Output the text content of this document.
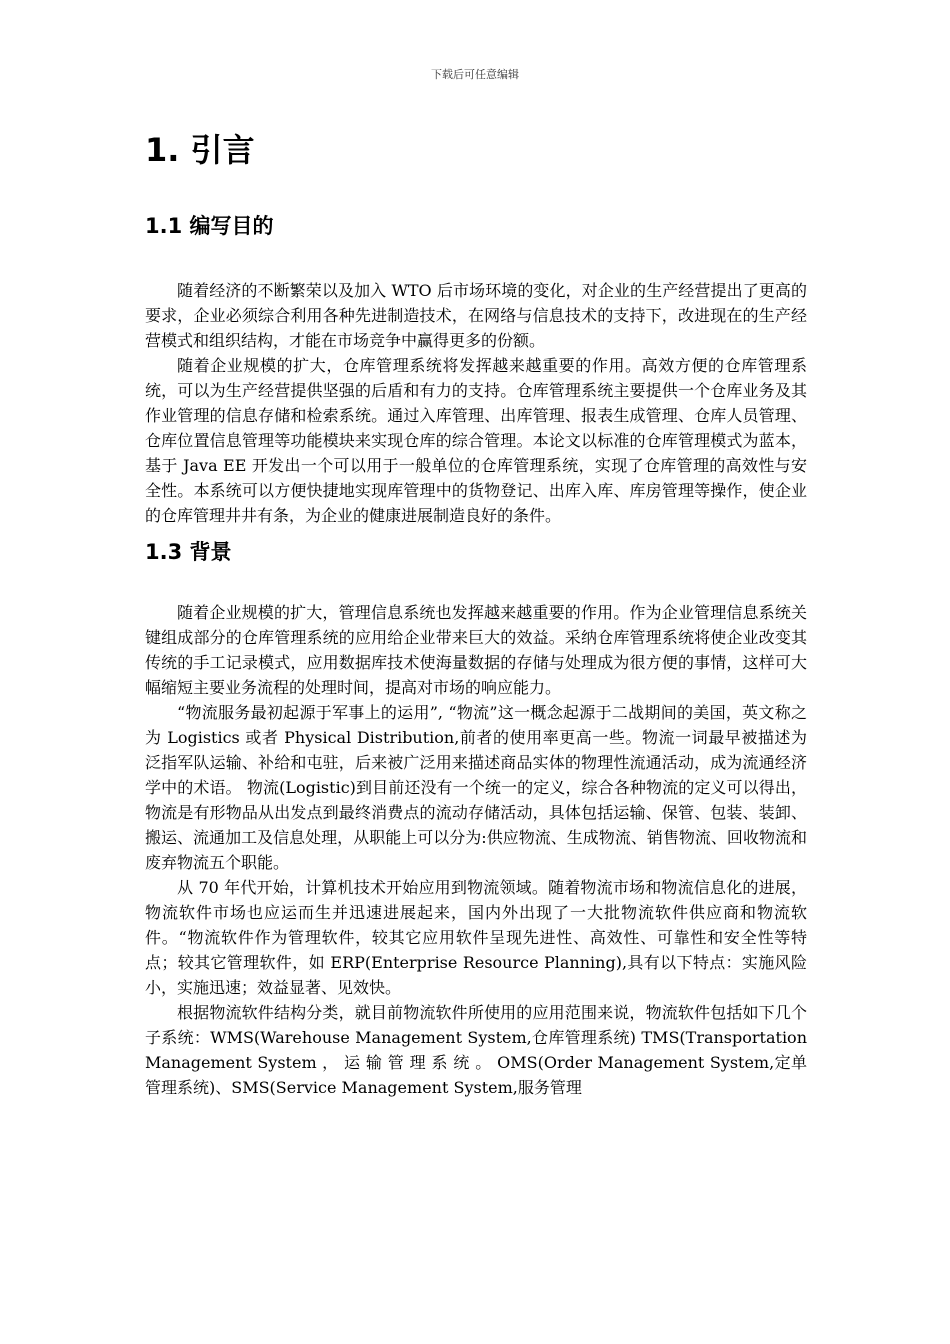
下载后可任意编辑
1. 引言
1.1 编写目的

随着经济的不断繁荣以及加入 WTO 后市场环境的变化，对企业的生产经营提出了更高的要求，企业必须综合利用各种先进制造技术，在网络与信息技术的支持下，改进现在的生产经营模式和组织结构，才能在市场竞争中赢得更多的份额。

随着企业规模的扩大，仓库管理系统将发挥越来越重要的作用。高效方便的仓库管理系统，可以为生产经营提供坚强的后盾和有力的支持。仓库管理系统主要提供一个仓库业务及其作业管理的信息存储和检索系统。通过入库管理、出库管理、报表生成管理、仓库人员管理、仓库位置信息管理等功能模块来实现仓库的综合管理。本论文以标准的仓库管理模式为蓝本，基于 Java EE 开发出一个可以用于一般单位的仓库管理系统，实现了仓库管理的高效性与安全性。本系统可以方便快捷地实现库管理中的货物登记、出库入库、库房管理等操作，使企业的仓库管理井井有条，为企业的健康进展制造良好的条件。

1.3 背景

随着企业规模的扩大，管理信息系统也发挥越来越重要的作用。作为企业管理信息系统关键组成部分的仓库管理系统的应用给企业带来巨大的效益。采纳仓库管理系统将使企业改变其传统的手工记录模式，应用数据库技术使海量数据的存储与处理成为很方便的事情，这样可大幅缩短主要业务流程的处理时间，提高对市场的响应能力。

“物流服务最初起源于军事上的运用”, “物流”这一概念起源于二战期间的美国，英文称之为 Logistics 或者 Physical Distribution,前者的使用率更高一些。物流一词最早被描述为泛指军队运输、补给和屯驻，后来被广泛用来描述商品实体的物理性流通活动，成为流通经济学中的术语。 物流(Logistic)到目前还没有一个统一的定义，综合各种物流的定义可以得出，物流是有形物品从出发点到最终消费点的流动存储活动，具体包括运输、保管、包装、装卸、搬运、流通加工及信息处理，从职能上可以分为:供应物流、生成物流、销售物流、回收物流和废弃物流五个职能。

从 70 年代开始，计算机技术开始应用到物流领域。随着物流市场和物流信息化的进展，物流软件市场也应运而生并迅速进展起来，国内外出现了一大批物流软件供应商和物流软件。“物流软件作为管理软件，较其它应用软件呈现先进性、高效性、可靠性和安全性等特点；较其它管理软件，如 ERP(Enterprise Resource Planning),具有以下特点：实施风险小，实施迅速；效益显著、见效快。

根据物流软件结构分类，就目前物流软件所使用的应用范围来说，物流软件包括如下几个子系统：WMS(Warehouse Management System,仓库管理系统) TMS(Transportation Management System ， 运 输 管 理 系 统 。 OMS(Order Management System,定单管理系统)、SMS(Service Management System,服务管理
